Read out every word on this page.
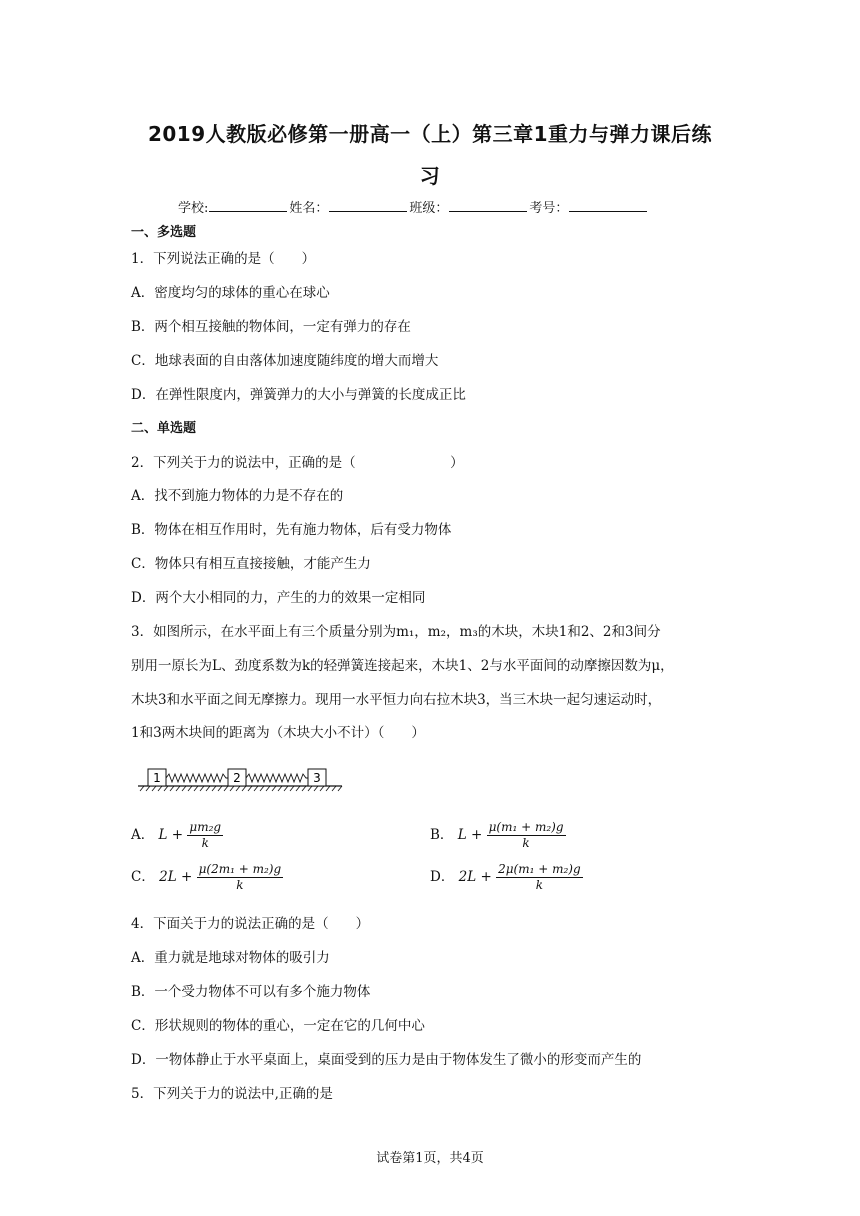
2019人教版必修第一册高一（上）第三章1重力与弹力课后练
习
学校:	姓名：	班级：	考号：
一、多选题
1．下列说法正确的是（　　）
A．密度均匀的球体的重心在球心
B．两个相互接触的物体间，一定有弹力的存在
C．地球表面的自由落体加速度随纬度的增大而增大
D．在弹性限度内，弹簧弹力的大小与弹簧的长度成正比
二、单选题
2．下列关于力的说法中，正确的是（　　　　　　　）
A．找不到施力物体的力是不存在的
B．物体在相互作用时，先有施力物体，后有受力物体
C．物体只有相互直接接触，才能产生力
D．两个大小相同的力，产生的力的效果一定相同
3．如图所示，在水平面上有三个质量分别为m₁，m₂，m₃的木块，木块1和2、2和3间分
别用一原长为L、劲度系数为k的轻弹簧连接起来，木块1、2与水平面间的动摩擦因数为μ，
木块3和水平面之间无摩擦力。现用一水平恒力向右拉木块3，当三木块一起匀速运动时，
1和3两木块间的距离为（木块大小不计）（　　）
1	2	3
A． $L + \frac{\text{μm₂g}}{k}$	B． $L + \frac{\text{μ(m₁ + m₂)g}}{k}$
C． $2L + \frac{\text{μ(2m₁ + m₂)g}}{k}$	D． $2L + \frac{\text{2μ(m₁ + m₂)g}}{k}$
4．下面关于力的说法正确的是（　　）
A．重力就是地球对物体的吸引力
B．一个受力物体不可以有多个施力物体
C．形状规则的物体的重心，一定在它的几何中心
D．一物体静止于水平桌面上，桌面受到的压力是由于物体发生了微小的形变而产生的
5．下列关于力的说法中,正确的是
试卷第1页，共4页
